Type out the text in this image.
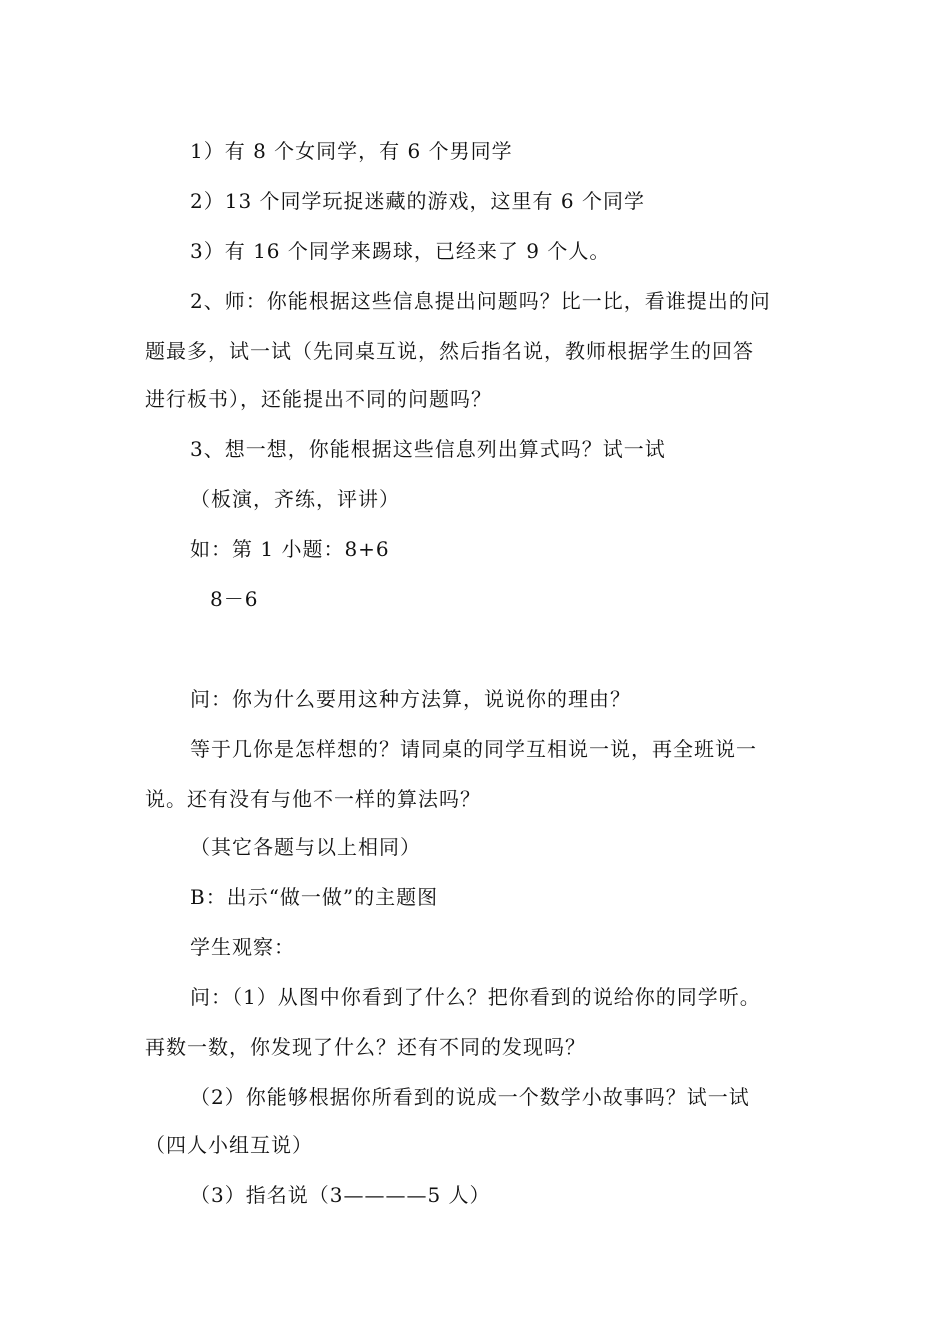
1）有 8 个女同学，有 6 个男同学
2）13 个同学玩捉迷藏的游戏，这里有 6 个同学
3）有 16 个同学来踢球，已经来了 9 个人。
2、师：你能根据这些信息提出问题吗？比一比，看谁提出的问
题最多，试一试（先同桌互说，然后指名说，教师根据学生的回答
进行板书），还能提出不同的问题吗？
3、想一想，你能根据这些信息列出算式吗？试一试
（板演，齐练，评讲）
如：第 1 小题：8+6
8－6
问：你为什么要用这种方法算，说说你的理由？
等于几你是怎样想的？请同桌的同学互相说一说，再全班说一
说。还有没有与他不一样的算法吗？
（其它各题与以上相同）
B：出示“做一做”的主题图
学生观察：
问：（1）从图中你看到了什么？把你看到的说给你的同学听。
再数一数，你发现了什么？还有不同的发现吗？
（2）你能够根据你所看到的说成一个数学小故事吗？试一试
（四人小组互说）
（3）指名说（3————5 人）
